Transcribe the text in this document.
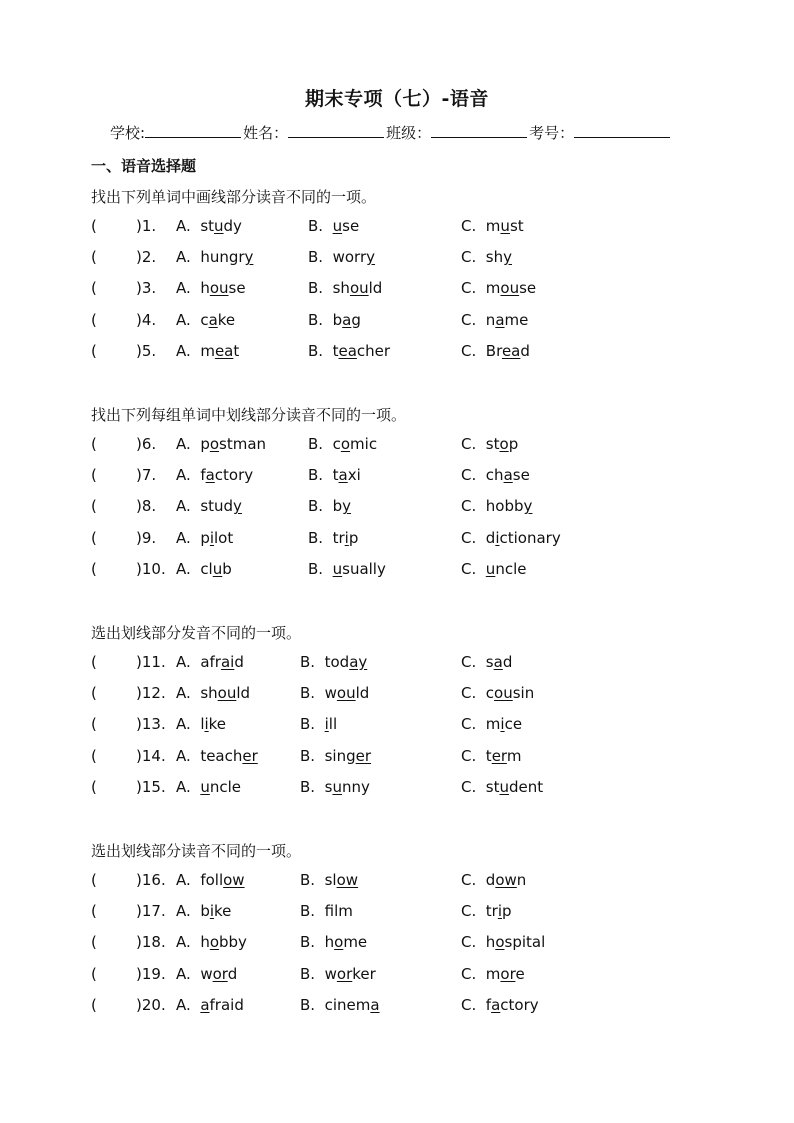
期末专项（七）-语音
学校:	姓名：	班级：	考号：
一、语音选择题
找出下列单词中画线部分读音不同的一项。
(	)1. A. study	B. use	C. must
(	)2. A. hungry	B. worry	C. shy
(	)3. A. house	B. should	C. mouse
(	)4. A. cake	B. bag	C. name
(	)5. A. meat	B. teacher	C. Bread
找出下列每组单词中划线部分读音不同的一项。
(	)6. A. postman	B. comic	C. stop
(	)7. A. factory	B. taxi	C. chase
(	)8. A. study	B. by	C. hobby
(	)9. A. pilot	B. trip	C. dictionary
(	)10. A. club	B. usually	C. uncle
选出划线部分发音不同的一项。
(	)11. A. afraid	B. today	C. sad
(	)12. A. should	B. would	C. cousin
(	)13. A. like	B. ill	C. mice
(	)14. A. teacher	B. singer	C. term
(	)15. A. uncle	B. sunny	C. student
选出划线部分读音不同的一项。
(	)16. A. follow	B. slow	C. down
(	)17. A. bike	B. flm	C. trip
(	)18. A. hobby	B. home	C. hospital
(	)19. A. word	B. worker	C. more
(	)20. A. afraid	B. cinema	C. factory
